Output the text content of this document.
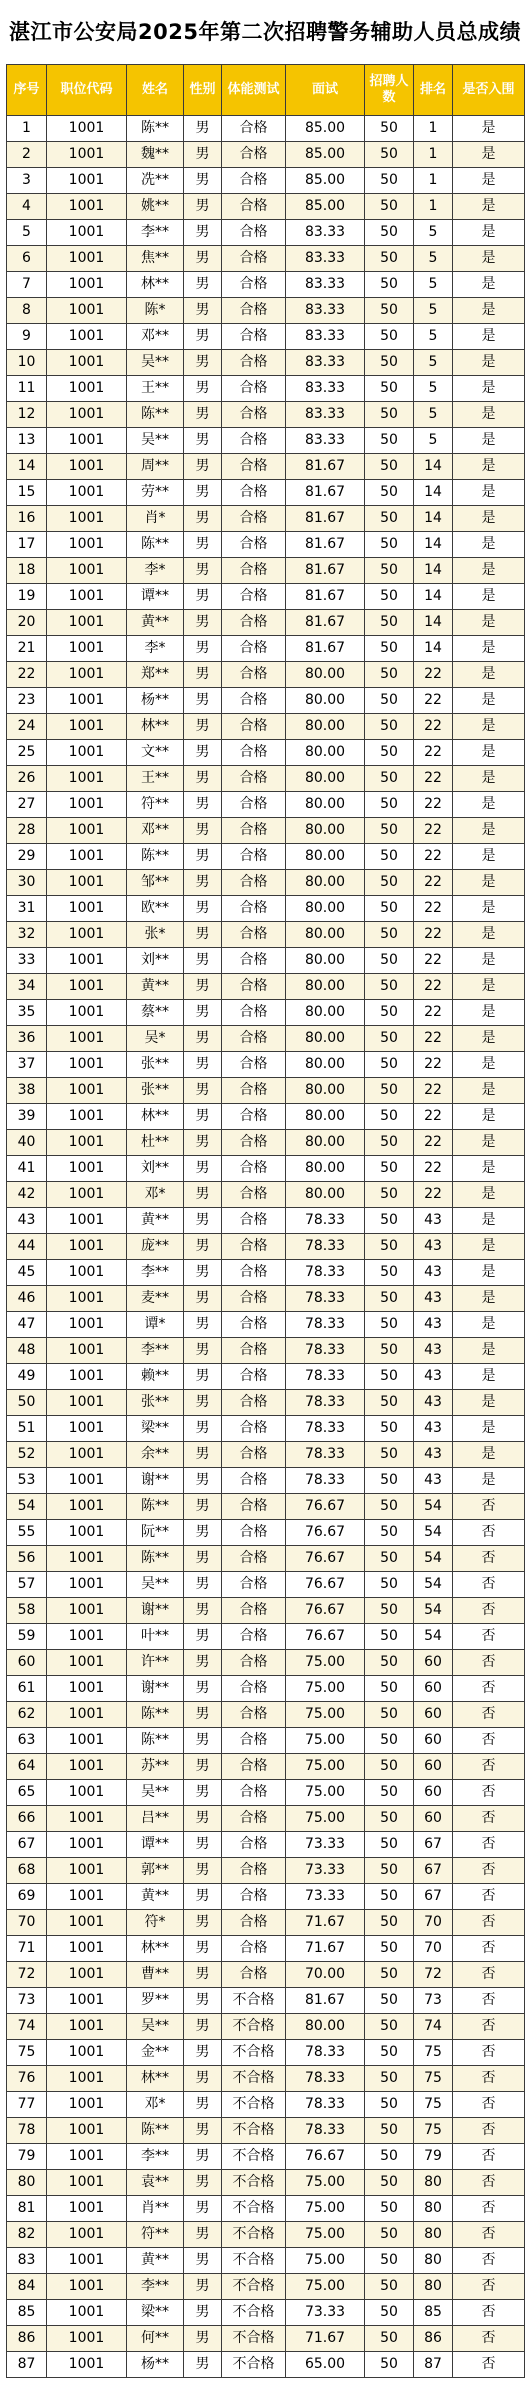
湛江市公安局2025年第二次招聘警务辅助人员总成绩
序号	职位代码	姓名	性别	体能测试	面试	招聘人数	排名	是否入围
1	1001	陈**	男	合格	85.00	50	1	是
2	1001	魏**	男	合格	85.00	50	1	是
3	1001	冼**	男	合格	85.00	50	1	是
4	1001	姚**	男	合格	85.00	50	1	是
5	1001	李**	男	合格	83.33	50	5	是
6	1001	焦**	男	合格	83.33	50	5	是
7	1001	林**	男	合格	83.33	50	5	是
8	1001	陈*	男	合格	83.33	50	5	是
9	1001	邓**	男	合格	83.33	50	5	是
10	1001	吴**	男	合格	83.33	50	5	是
11	1001	王**	男	合格	83.33	50	5	是
12	1001	陈**	男	合格	83.33	50	5	是
13	1001	吴**	男	合格	83.33	50	5	是
14	1001	周**	男	合格	81.67	50	14	是
15	1001	劳**	男	合格	81.67	50	14	是
16	1001	肖*	男	合格	81.67	50	14	是
17	1001	陈**	男	合格	81.67	50	14	是
18	1001	李*	男	合格	81.67	50	14	是
19	1001	谭**	男	合格	81.67	50	14	是
20	1001	黄**	男	合格	81.67	50	14	是
21	1001	李*	男	合格	81.67	50	14	是
22	1001	郑**	男	合格	80.00	50	22	是
23	1001	杨**	男	合格	80.00	50	22	是
24	1001	林**	男	合格	80.00	50	22	是
25	1001	文**	男	合格	80.00	50	22	是
26	1001	王**	男	合格	80.00	50	22	是
27	1001	符**	男	合格	80.00	50	22	是
28	1001	邓**	男	合格	80.00	50	22	是
29	1001	陈**	男	合格	80.00	50	22	是
30	1001	邹**	男	合格	80.00	50	22	是
31	1001	欧**	男	合格	80.00	50	22	是
32	1001	张*	男	合格	80.00	50	22	是
33	1001	刘**	男	合格	80.00	50	22	是
34	1001	黄**	男	合格	80.00	50	22	是
35	1001	蔡**	男	合格	80.00	50	22	是
36	1001	吴*	男	合格	80.00	50	22	是
37	1001	张**	男	合格	80.00	50	22	是
38	1001	张**	男	合格	80.00	50	22	是
39	1001	林**	男	合格	80.00	50	22	是
40	1001	杜**	男	合格	80.00	50	22	是
41	1001	刘**	男	合格	80.00	50	22	是
42	1001	邓*	男	合格	80.00	50	22	是
43	1001	黄**	男	合格	78.33	50	43	是
44	1001	庞**	男	合格	78.33	50	43	是
45	1001	李**	男	合格	78.33	50	43	是
46	1001	麦**	男	合格	78.33	50	43	是
47	1001	谭*	男	合格	78.33	50	43	是
48	1001	李**	男	合格	78.33	50	43	是
49	1001	赖**	男	合格	78.33	50	43	是
50	1001	张**	男	合格	78.33	50	43	是
51	1001	梁**	男	合格	78.33	50	43	是
52	1001	余**	男	合格	78.33	50	43	是
53	1001	谢**	男	合格	78.33	50	43	是
54	1001	陈**	男	合格	76.67	50	54	否
55	1001	阮**	男	合格	76.67	50	54	否
56	1001	陈**	男	合格	76.67	50	54	否
57	1001	吴**	男	合格	76.67	50	54	否
58	1001	谢**	男	合格	76.67	50	54	否
59	1001	叶**	男	合格	76.67	50	54	否
60	1001	许**	男	合格	75.00	50	60	否
61	1001	谢**	男	合格	75.00	50	60	否
62	1001	陈**	男	合格	75.00	50	60	否
63	1001	陈**	男	合格	75.00	50	60	否
64	1001	苏**	男	合格	75.00	50	60	否
65	1001	吴**	男	合格	75.00	50	60	否
66	1001	吕**	男	合格	75.00	50	60	否
67	1001	谭**	男	合格	73.33	50	67	否
68	1001	郭**	男	合格	73.33	50	67	否
69	1001	黄**	男	合格	73.33	50	67	否
70	1001	符*	男	合格	71.67	50	70	否
71	1001	林**	男	合格	71.67	50	70	否
72	1001	曹**	男	合格	70.00	50	72	否
73	1001	罗**	男	不合格	81.67	50	73	否
74	1001	吴**	男	不合格	80.00	50	74	否
75	1001	金**	男	不合格	78.33	50	75	否
76	1001	林**	男	不合格	78.33	50	75	否
77	1001	邓*	男	不合格	78.33	50	75	否
78	1001	陈**	男	不合格	78.33	50	75	否
79	1001	李**	男	不合格	76.67	50	79	否
80	1001	袁**	男	不合格	75.00	50	80	否
81	1001	肖**	男	不合格	75.00	50	80	否
82	1001	符**	男	不合格	75.00	50	80	否
83	1001	黄**	男	不合格	75.00	50	80	否
84	1001	李**	男	不合格	75.00	50	80	否
85	1001	梁**	男	不合格	73.33	50	85	否
86	1001	何**	男	不合格	71.67	50	86	否
87	1001	杨**	男	不合格	65.00	50	87	否
